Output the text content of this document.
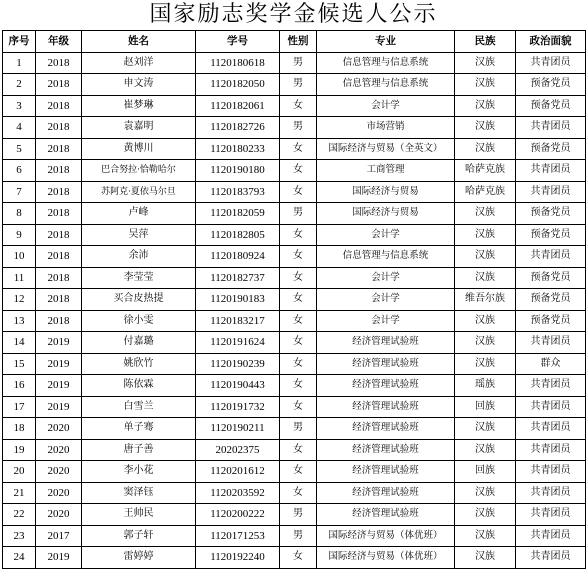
国家励志奖学金候选人公示
序号	年级	姓名	学号	性别	专业	民族	政治面貌
1	2018	赵刘洋	1120180618	男	信息管理与信息系统	汉族	共青团员
2	2018	申文涛	1120182050	男	信息管理与信息系统	汉族	预备党员
3	2018	崔梦琳	1120182061	女	会计学	汉族	预备党员
4	2018	袁嘉明	1120182726	男	市场营销	汉族	共青团员
5	2018	黄博川	1120180233	女	国际经济与贸易（全英文）	汉族	预备党员
6	2018	巴合努拉·恰勒哈尔	1120190180	女	工商管理	哈萨克族	共青团员
7	2018	苏阿克·夏依马尔旦	1120183793	女	国际经济与贸易	哈萨克族	共青团员
8	2018	卢峰	1120182059	男	国际经济与贸易	汉族	预备党员
9	2018	吴萍	1120182805	女	会计学	汉族	预备党员
10	2018	余沛	1120180924	女	信息管理与信息系统	汉族	共青团员
11	2018	李莹莹	1120182737	女	会计学	汉族	预备党员
12	2018	买合皮热提	1120190183	女	会计学	维吾尔族	预备党员
13	2018	徐小雯	1120183217	女	会计学	汉族	预备党员
14	2019	付嘉璐	1120191624	女	经济管理试验班	汉族	共青团员
15	2019	姚欣竹	1120190239	女	经济管理试验班	汉族	群众
16	2019	陈依霖	1120190443	女	经济管理试验班	瑶族	共青团员
17	2019	白雪兰	1120191732	女	经济管理试验班	回族	共青团员
18	2020	单子骞	1120190211	男	经济管理试验班	汉族	共青团员
19	2020	唐子善	20202375	女	经济管理试验班	汉族	共青团员
20	2020	李小花	1120201612	女	经济管理试验班	回族	共青团员
21	2020	窦泽钰	1120203592	女	经济管理试验班	汉族	共青团员
22	2020	王帅民	1120200222	男	经济管理试验班	汉族	共青团员
23	2017	郭子轩	1120171253	男	国际经济与贸易（体优班）	汉族	共青团员
24	2019	雷婷婷	1120192240	女	国际经济与贸易（体优班）	汉族	共青团员
